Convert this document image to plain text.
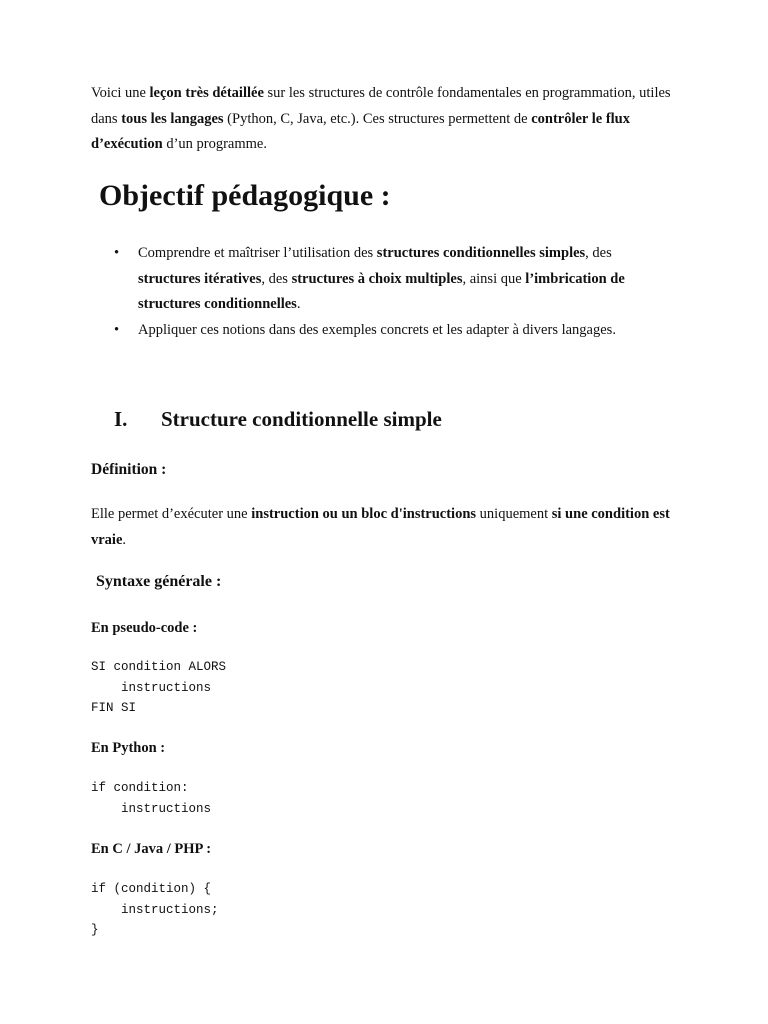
Voici une leçon très détaillée sur les structures de contrôle fondamentales en programmation, utiles dans tous les langages (Python, C, Java, etc.). Ces structures permettent de contrôler le flux d’exécution d’un programme.

Objectif pédagogique :
• Comprendre et maîtriser l’utilisation des structures conditionnelles simples, des structures itératives, des structures à choix multiples, ainsi que l’imbrication de structures conditionnelles.
• Appliquer ces notions dans des exemples concrets et les adapter à divers langages.
I. Structure conditionnelle simple
Définition :

Elle permet d’exécuter une instruction ou un bloc d'instructions uniquement si une condition est vraie.

Syntaxe générale :
En pseudo-code :
SI condition ALORS
instructions
FIN SI
En Python :
if condition:
instructions
En C / Java / PHP :
if (condition) {
instructions;
}
